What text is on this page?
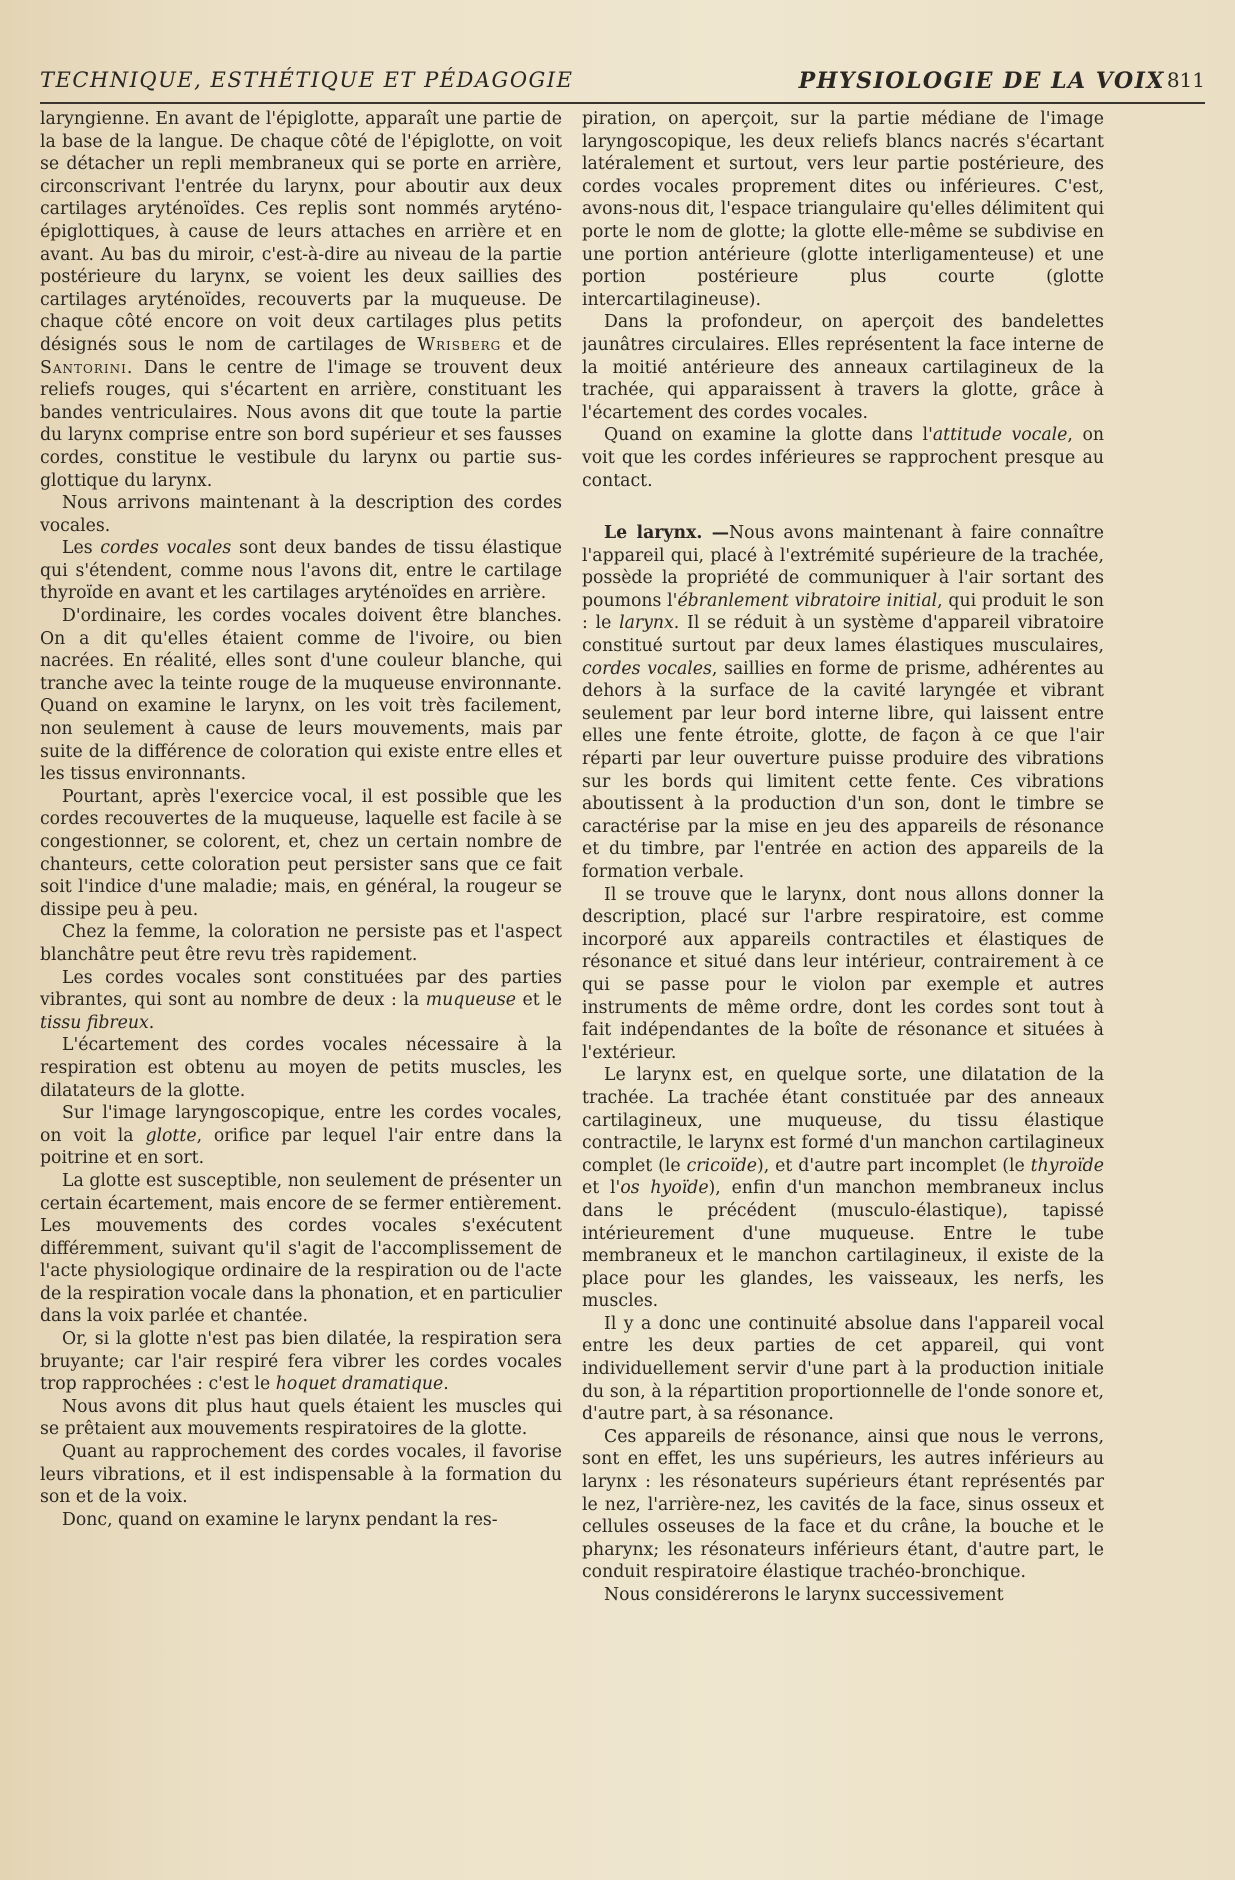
TECHNIQUE, ESTHÉTIQUE ET PÉDAGOGIE	PHYSIOLOGIE DE LA VOIX 811

laryngienne. En avant de l'épiglotte, apparaît une partie de la base de la langue. De chaque côté de l'épiglotte, on voit se détacher un repli membraneux qui se porte en arrière, circonscrivant l'entrée du larynx, pour aboutir aux deux cartilages aryténoïdes. Ces replis sont nommés aryténo-épiglottiques, à cause de leurs attaches en arrière et en avant. Au bas du miroir, c'est-à-dire au niveau de la partie postérieure du larynx, se voient les deux saillies des cartilages aryténoïdes, recouverts par la muqueuse. De chaque côté encore on voit deux cartilages plus petits désignés sous le nom de cartilages de Wrisberg et de Santorini. Dans le centre de l'image se trouvent deux reliefs rouges, qui s'écartent en arrière, constituant les bandes ventriculaires. Nous avons dit que toute la partie du larynx comprise entre son bord supérieur et ses fausses cordes, constitue le vestibule du larynx ou partie sus-glottique du larynx.

Nous arrivons maintenant à la description des cordes vocales.

Les cordes vocales sont deux bandes de tissu élastique qui s'étendent, comme nous l'avons dit, entre le cartilage thyroïde en avant et les cartilages aryténoïdes en arrière.

D'ordinaire, les cordes vocales doivent être blanches. On a dit qu'elles étaient comme de l'ivoire, ou bien nacrées. En réalité, elles sont d'une couleur blanche, qui tranche avec la teinte rouge de la muqueuse environnante. Quand on examine le larynx, on les voit très facilement, non seulement à cause de leurs mouvements, mais par suite de la différence de coloration qui existe entre elles et les tissus environnants.

Pourtant, après l'exercice vocal, il est possible que les cordes recouvertes de la muqueuse, laquelle est facile à se congestionner, se colorent, et, chez un certain nombre de chanteurs, cette coloration peut persister sans que ce fait soit l'indice d'une maladie; mais, en général, la rougeur se dissipe peu à peu.

Chez la femme, la coloration ne persiste pas et l'aspect blanchâtre peut être revu très rapidement.

Les cordes vocales sont constituées par des parties vibrantes, qui sont au nombre de deux : la muqueuse et le tissu fibreux.

L'écartement des cordes vocales nécessaire à la respiration est obtenu au moyen de petits muscles, les dilatateurs de la glotte.

Sur l'image laryngoscopique, entre les cordes vocales, on voit la glotte, orifice par lequel l'air entre dans la poitrine et en sort.

La glotte est susceptible, non seulement de présenter un certain écartement, mais encore de se fermer entièrement. Les mouvements des cordes vocales s'exécutent différemment, suivant qu'il s'agit de l'accomplissement de l'acte physiologique ordinaire de la respiration ou de l'acte de la respiration vocale dans la phonation, et en particulier dans la voix parlée et chantée.

Or, si la glotte n'est pas bien dilatée, la respiration sera bruyante; car l'air respiré fera vibrer les cordes vocales trop rapprochées : c'est le hoquet dramatique.

Nous avons dit plus haut quels étaient les muscles qui se prêtaient aux mouvements respiratoires de la glotte.

Quant au rapprochement des cordes vocales, il favorise leurs vibrations, et il est indispensable à la formation du son et de la voix.

Donc, quand on examine le larynx pendant la res-

piration, on aperçoit, sur la partie médiane de l'image laryngoscopique, les deux reliefs blancs nacrés s'écartant latéralement et surtout, vers leur partie postérieure, des cordes vocales proprement dites ou inférieures. C'est, avons-nous dit, l'espace triangulaire qu'elles délimitent qui porte le nom de glotte; la glotte elle-même se subdivise en une portion antérieure (glotte interligamenteuse) et une portion postérieure plus courte (glotte intercartilagineuse).

Dans la profondeur, on aperçoit des bandelettes jaunâtres circulaires. Elles représentent la face interne de la moitié antérieure des anneaux cartilagineux de la trachée, qui apparaissent à travers la glotte, grâce à l'écartement des cordes vocales.

Quand on examine la glotte dans l'attitude vocale, on voit que les cordes inférieures se rapprochent presque au contact.

Le larynx. —Nous avons maintenant à faire connaître l'appareil qui, placé à l'extrémité supérieure de la trachée, possède la propriété de communiquer à l'air sortant des poumons l'ébranlement vibratoire initial, qui produit le son : le larynx. Il se réduit à un système d'appareil vibratoire constitué surtout par deux lames élastiques musculaires, cordes vocales, saillies en forme de prisme, adhérentes au dehors à la surface de la cavité laryngée et vibrant seulement par leur bord interne libre, qui laissent entre elles une fente étroite, glotte, de façon à ce que l'air réparti par leur ouverture puisse produire des vibrations sur les bords qui limitent cette fente. Ces vibrations aboutissent à la production d'un son, dont le timbre se caractérise par la mise en jeu des appareils de résonance et du timbre, par l'entrée en action des appareils de la formation verbale.

Il se trouve que le larynx, dont nous allons donner la description, placé sur l'arbre respiratoire, est comme incorporé aux appareils contractiles et élastiques de résonance et situé dans leur intérieur, contrairement à ce qui se passe pour le violon par exemple et autres instruments de même ordre, dont les cordes sont tout à fait indépendantes de la boîte de résonance et situées à l'extérieur.

Le larynx est, en quelque sorte, une dilatation de la trachée. La trachée étant constituée par des anneaux cartilagineux, une muqueuse, du tissu élastique contractile, le larynx est formé d'un manchon cartilagineux complet (le cricoïde), et d'autre part incomplet (le thyroïde et l'os hyoïde), enfin d'un manchon membraneux inclus dans le précédent (musculo-élastique), tapissé intérieurement d'une muqueuse. Entre le tube membraneux et le manchon cartilagineux, il existe de la place pour les glandes, les vaisseaux, les nerfs, les muscles.

Il y a donc une continuité absolue dans l'appareil vocal entre les deux parties de cet appareil, qui vont individuellement servir d'une part à la production initiale du son, à la répartition proportionnelle de l'onde sonore et, d'autre part, à sa résonance.

Ces appareils de résonance, ainsi que nous le verrons, sont en effet, les uns supérieurs, les autres inférieurs au larynx : les résonateurs supérieurs étant représentés par le nez, l'arrière-nez, les cavités de la face, sinus osseux et cellules osseuses de la face et du crâne, la bouche et le pharynx; les résonateurs inférieurs étant, d'autre part, le conduit respiratoire élastique trachéo-bronchique.

Nous considérerons le larynx successivement
